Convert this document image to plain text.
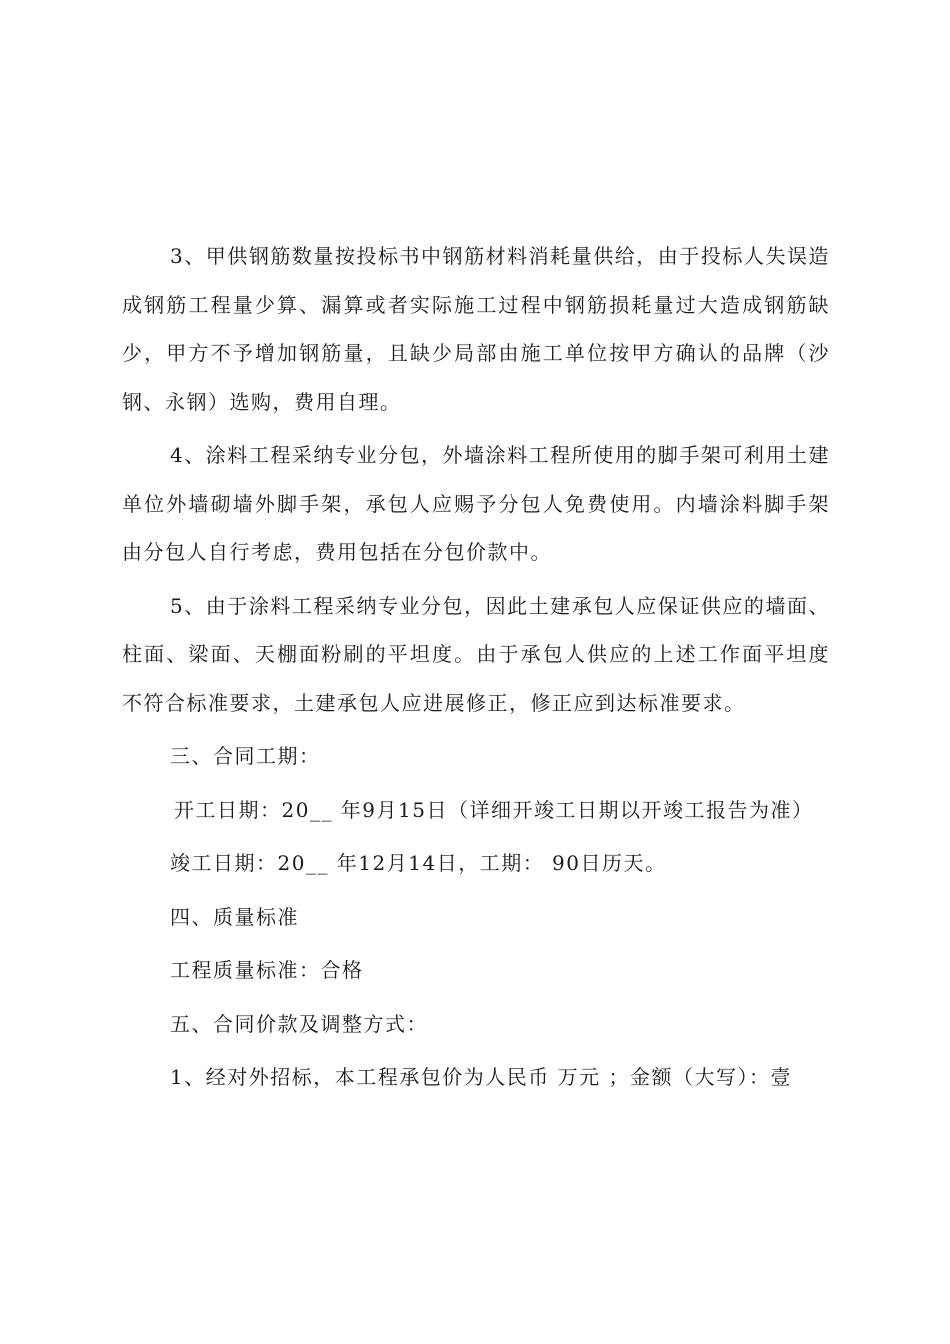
3、甲供钢筋数量按投标书中钢筋材料消耗量供给，由于投标人失误造成钢筋工程量少算、漏算或者实际施工过程中钢筋损耗量过大造成钢筋缺少，甲方不予增加钢筋量，且缺少局部由施工单位按甲方确认的品牌（沙钢、永钢）选购，费用自理。

4、涂料工程采纳专业分包，外墙涂料工程所使用的脚手架可利用土建单位外墙砌墙外脚手架，承包人应赐予分包人免费使用。内墙涂料脚手架由分包人自行考虑，费用包括在分包价款中。

5、由于涂料工程采纳专业分包，因此土建承包人应保证供应的墙面、柱面、梁面、天棚面粉刷的平坦度。由于承包人供应的上述工作面平坦度不符合标准要求，土建承包人应进展修正，修正应到达标准要求。

三、合同工期：

开工日期：20__ 年9月15日（详细开竣工日期以开竣工报告为准）

竣工日期：20__ 年12月14日，工期： 90日历天。

四、质量标准

工程质量标准：合格

五、合同价款及调整方式：

1、经对外招标，本工程承包价为人民币 万元 ；金额（大写）：壹
